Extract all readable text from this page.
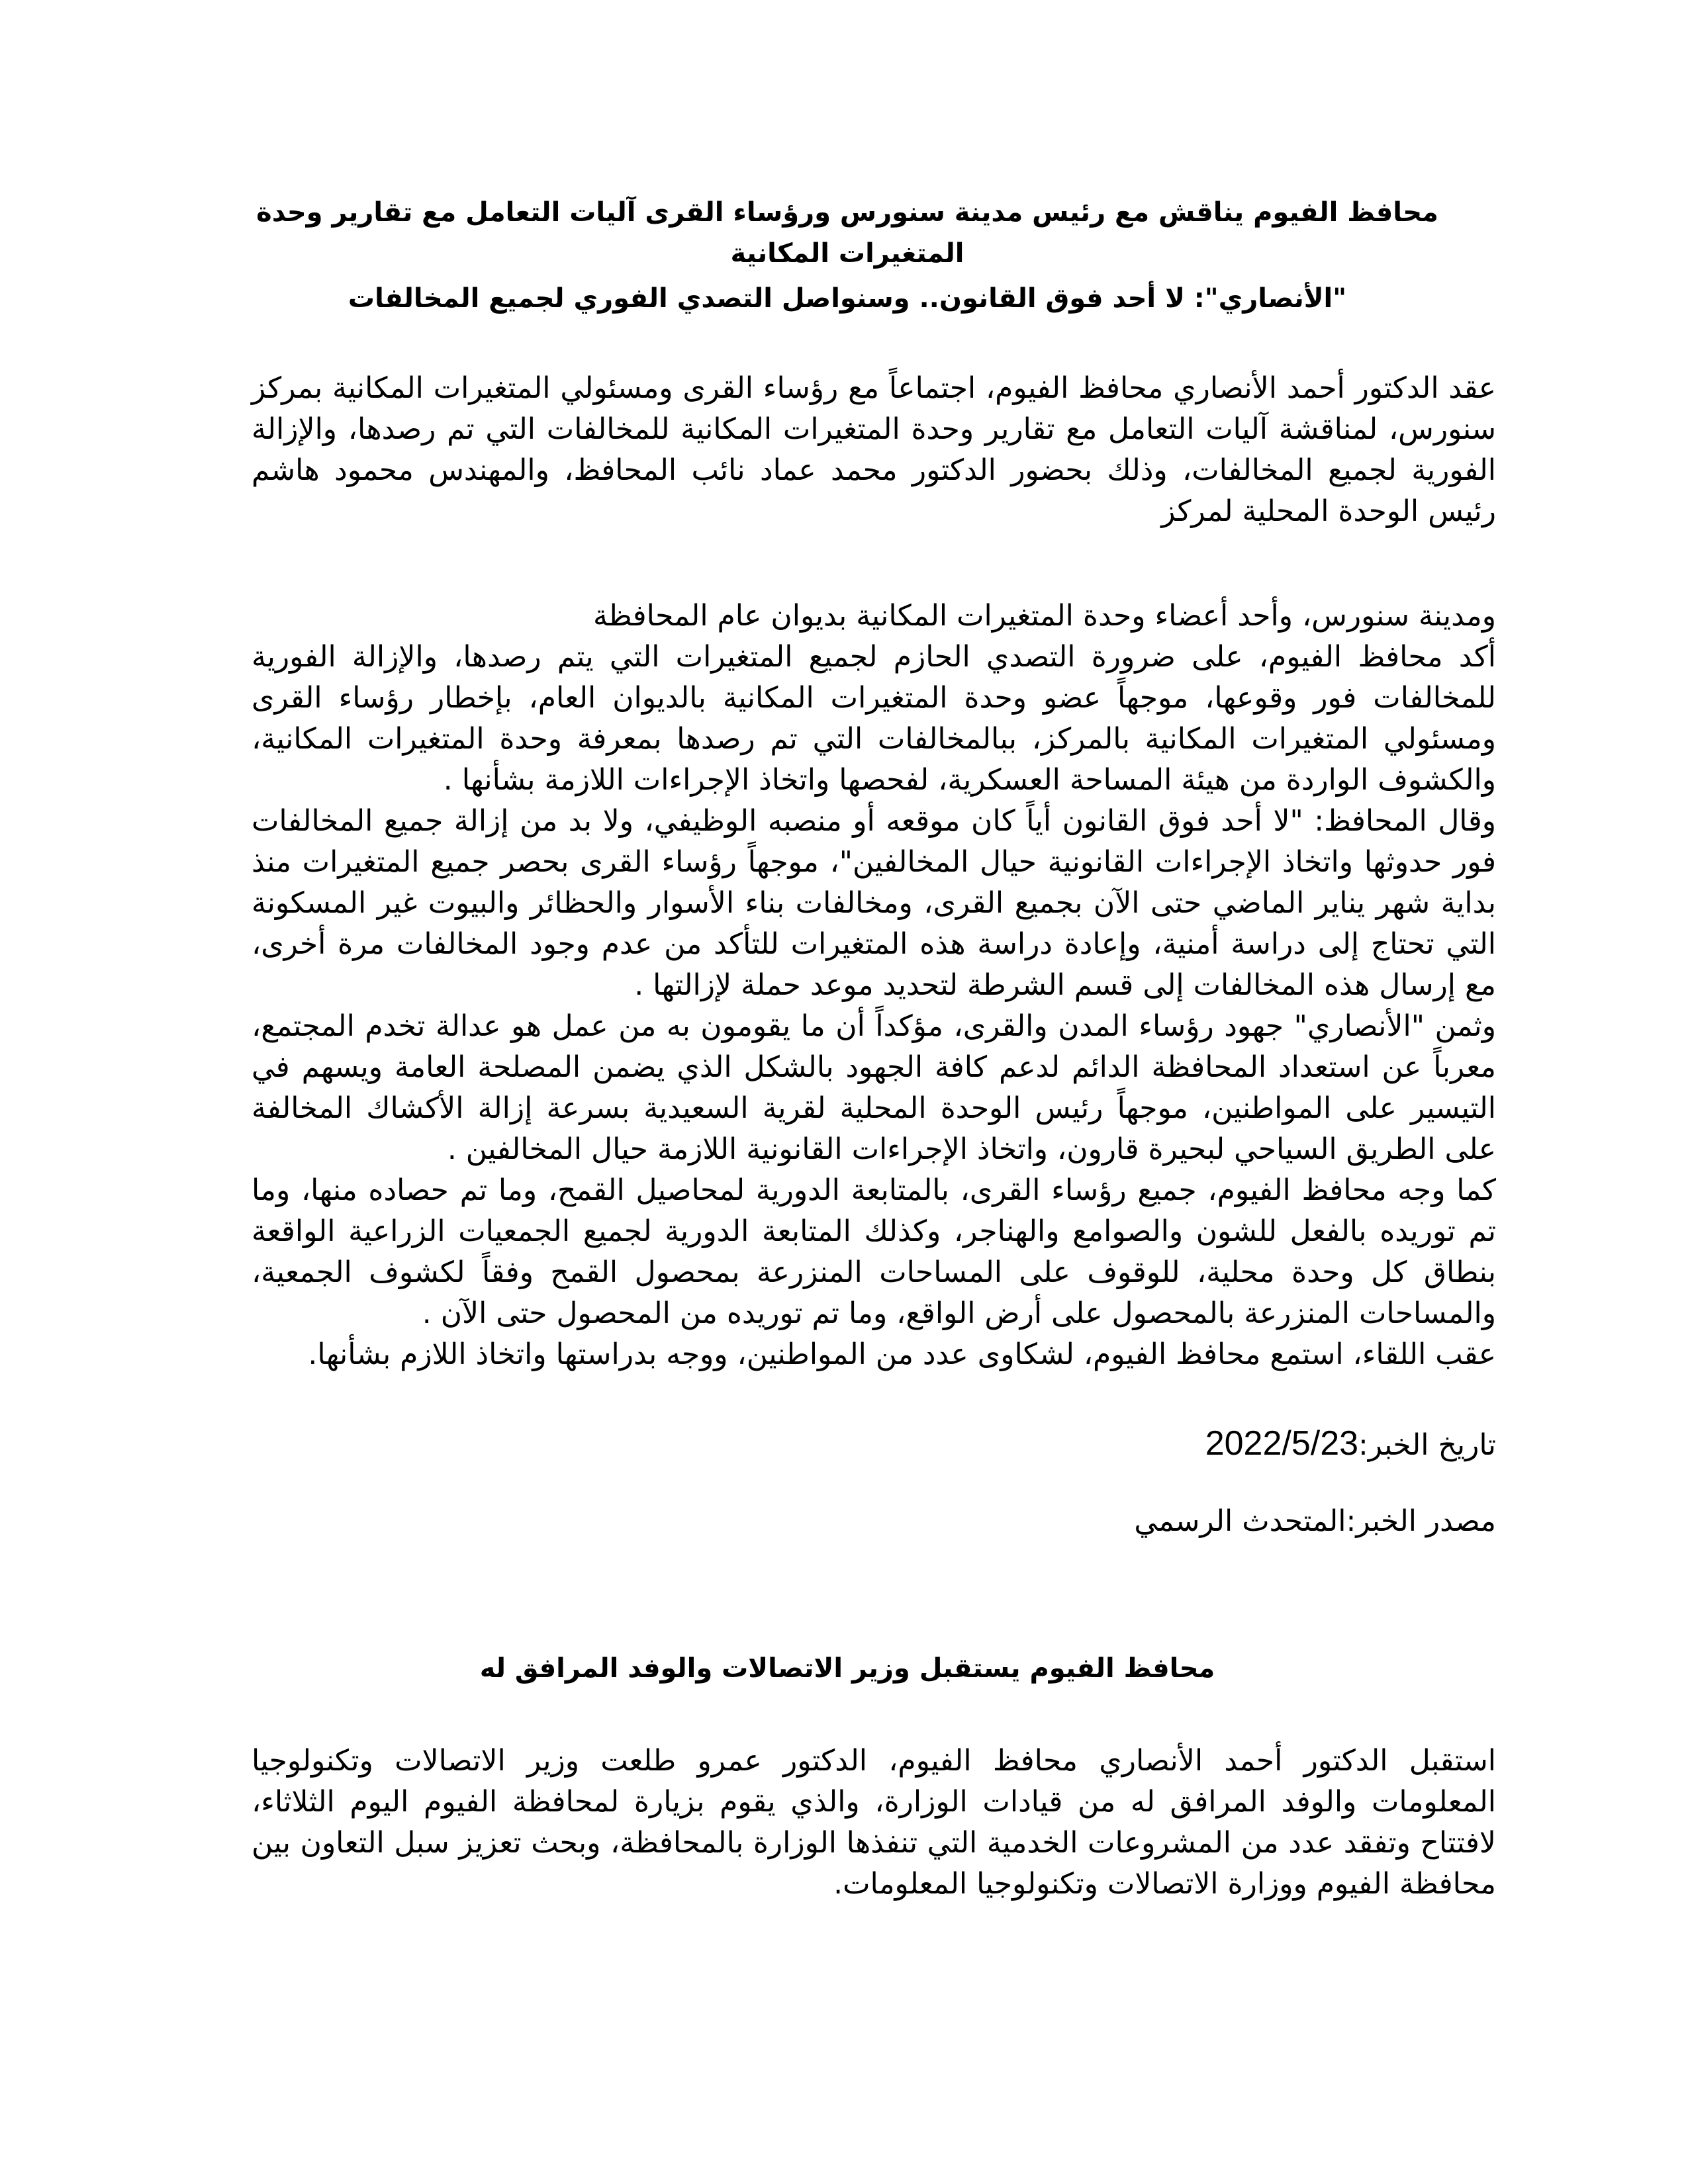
محافظ الفيوم يناقش مع رئيس مدينة سنورس ورؤساء القرى آليات التعامل مع تقارير وحدة المتغيرات المكانية
"الأنصاري": لا أحد فوق القانون.. وسنواصل التصدي الفوري لجميع المخالفات

عقد الدكتور أحمد الأنصاري محافظ الفيوم، اجتماعاً مع رؤساء القرى ومسئولي المتغيرات المكانية بمركز سنورس، لمناقشة آليات التعامل مع تقارير وحدة المتغيرات المكانية للمخالفات التي تم رصدها، والإزالة الفورية لجميع المخالفات، وذلك بحضور الدكتور محمد عماد نائب المحافظ، والمهندس محمود هاشم رئيس الوحدة المحلية لمركز

ومدينة سنورس، وأحد أعضاء وحدة المتغيرات المكانية بديوان عام المحافظة
أكد محافظ الفيوم، على ضرورة التصدي الحازم لجميع المتغيرات التي يتم رصدها، والإزالة الفورية للمخالفات فور وقوعها، موجهاً عضو وحدة المتغيرات المكانية بالديوان العام، بإخطار رؤساء القرى ومسئولي المتغيرات المكانية بالمركز، ببالمخالفات التي تم رصدها بمعرفة وحدة المتغيرات المكانية، والكشوف الواردة من هيئة المساحة العسكرية، لفحصها واتخاذ الإجراءات اللازمة بشأنها .
وقال المحافظ: "لا أحد فوق القانون أياً كان موقعه أو منصبه الوظيفي، ولا بد من إزالة جميع المخالفات فور حدوثها واتخاذ الإجراءات القانونية حيال المخالفين"، موجهاً رؤساء القرى بحصر جميع المتغيرات منذ بداية شهر يناير الماضي حتى الآن بجميع القرى، ومخالفات بناء الأسوار والحظائر والبيوت غير المسكونة التي تحتاج إلى دراسة أمنية، وإعادة دراسة هذه المتغيرات للتأكد من عدم وجود المخالفات مرة أخرى، مع إرسال هذه المخالفات إلى قسم الشرطة لتحديد موعد حملة لإزالتها .
وثمن "الأنصاري" جهود رؤساء المدن والقرى، مؤكداً أن ما يقومون به من عمل هو عدالة تخدم المجتمع، معرباً عن استعداد المحافظة الدائم لدعم كافة الجهود بالشكل الذي يضمن المصلحة العامة ويسهم في التيسير على المواطنين، موجهاً رئيس الوحدة المحلية لقرية السعيدية بسرعة إزالة الأكشاك المخالفة على الطريق السياحي لبحيرة قارون، واتخاذ الإجراءات القانونية اللازمة حيال المخالفين .
كما وجه محافظ الفيوم، جميع رؤساء القرى، بالمتابعة الدورية لمحاصيل القمح، وما تم حصاده منها، وما تم توريده بالفعل للشون والصوامع والهناجر، وكذلك المتابعة الدورية لجميع الجمعيات الزراعية الواقعة بنطاق كل وحدة محلية، للوقوف على المساحات المنزرعة بمحصول القمح وفقاً لكشوف الجمعية، والمساحات المنزرعة بالمحصول على أرض الواقع، وما تم توريده من المحصول حتى الآن .
عقب اللقاء، استمع محافظ الفيوم، لشكاوى عدد من المواطنين، ووجه بدراستها واتخاذ اللازم بشأنها.

تاريخ الخبر:2022/5/23

مصدر الخبر:المتحدث الرسمي

محافظ الفيوم يستقبل وزير الاتصالات والوفد المرافق له

استقبل الدكتور أحمد الأنصاري محافظ الفيوم، الدكتور عمرو طلعت وزير الاتصالات وتكنولوجيا المعلومات والوفد المرافق له من قيادات الوزارة، والذي يقوم بزيارة لمحافظة الفيوم اليوم الثلاثاء، لافتتاح وتفقد عدد من المشروعات الخدمية التي تنفذها الوزارة بالمحافظة، وبحث تعزيز سبل التعاون بين محافظة الفيوم ووزارة الاتصالات وتكنولوجيا المعلومات.
